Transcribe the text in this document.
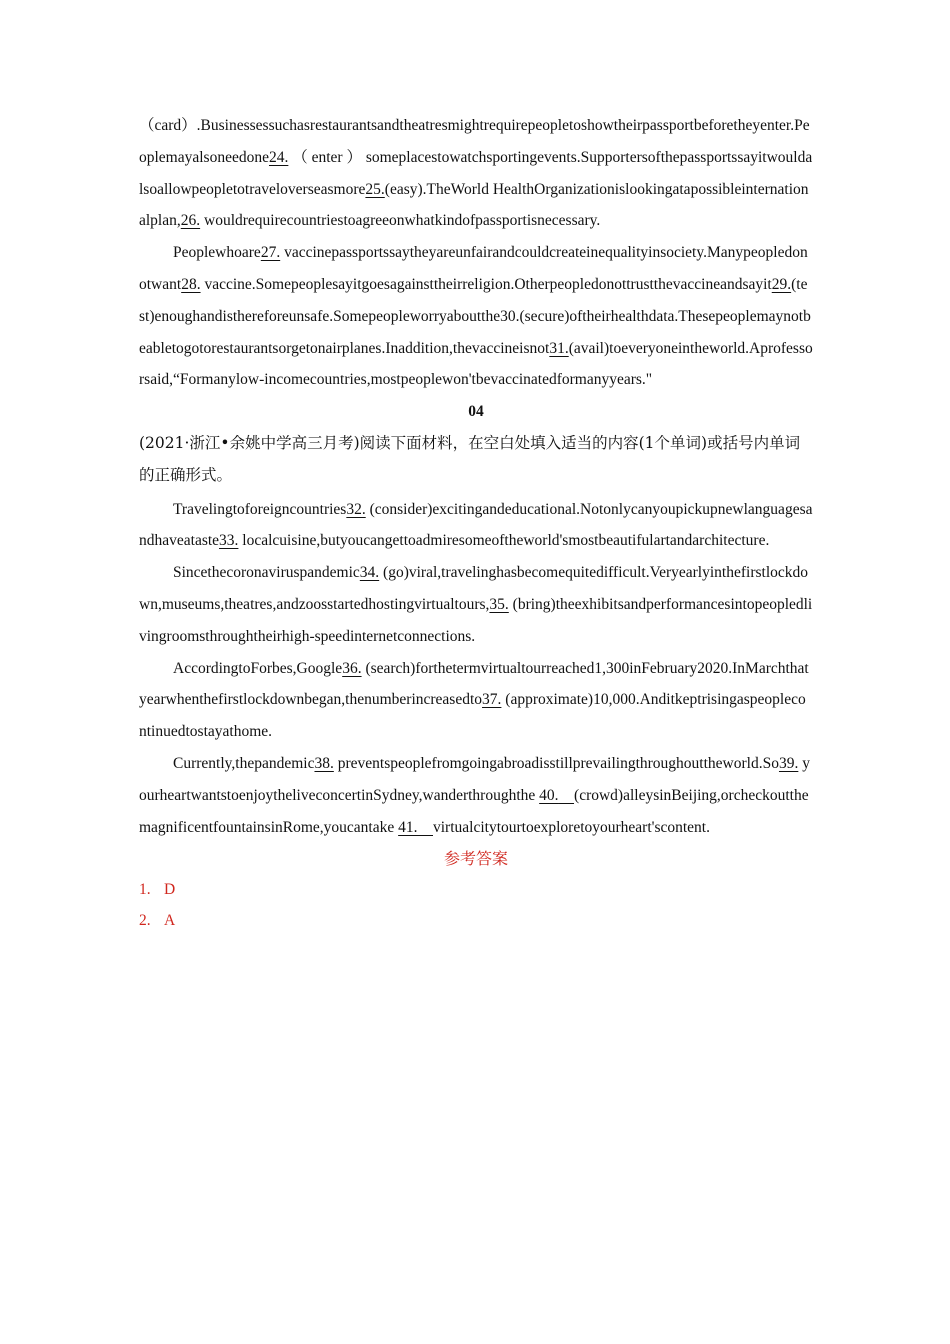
（card）.Businessessuchasrestaurantsandtheatresmightrequirepeopletoshowtheirpassportbeforetheyenter.Peoplemayalsoneedone24. （ enter ） someplacestowatchsportingevents.Supportersofthepassportssayitwouldalsoallowpeopletotraveloverseasmore25.(easy).TheWorld HealthOrganizationislookingatapossibleinternationalplan,26. wouldrequirecountriestoagreeonwhatkindofpassportisnecessary.

Peoplewhoare27. vaccinepassportssaytheyareunfairandcouldcreateinequalityinsociety.Manypeopledonotwant28. vaccine.Somepeoplesayitgoesagainsttheirreligion.Otherpeopledonottrustthevaccineandsayit29.(test)enoughandisthereforeunsafe.Somepeopleworryaboutthe30.(secure)oftheirhealthdata.Thesepeoplemaynotbeabletogotorestaurantsorgetonairplanes.Inaddition,thevaccineisnot31.(avail)toeveryoneintheworld.Aprofessorsaid,“Formanylow-incomecountries,mostpeoplewon'tbevaccinatedformanyyears."

04

(2021·浙江•余姚中学高三月考)阅读下面材料，在空白处填入适当的内容(1个单词)或括号内单词的正确形式。

Travelingtoforeigncountries32. (consider)excitingandeducational.Notonlycanyoupickupnewlanguagesandhaveataste33. localcuisine,butyoucangettoadmiresomeoftheworld'smostbeautifulartandarchitecture.

Sincethecoronaviruspandemic34. (go)viral,travelinghasbecomequitedifficult.Veryearlyinthefirstlockdown,museums,theatres,andzoosstartedhostingvirtualtours,35. (bring)theexhibitsandperformancesintopeopledlivingroomsthroughtheirhigh-speedinternetconnections.

AccordingtoForbes,Google36. (search)forthetermvirtualtourreached1,300inFebruary2020.InMarchthatyearwhenthefirstlockdownbegan,thenumberincreasedto37. (approximate)10,000.Anditkeptrisingaspeoplecontinuedtostayathome.

Currently,thepandemic38. preventspeoplefromgoingabroadisstillprevailingthroughouttheworld.So39. yourheartwantstoenjoytheliveconcertinSydney,wanderthroughthe 40. (crowd)alleysinBeijing,orcheckoutthemagnificentfountainsinRome,youcantake 41. virtualcitytourtoexploretoyourheart'scontent.

参考答案

1. D

2. A
